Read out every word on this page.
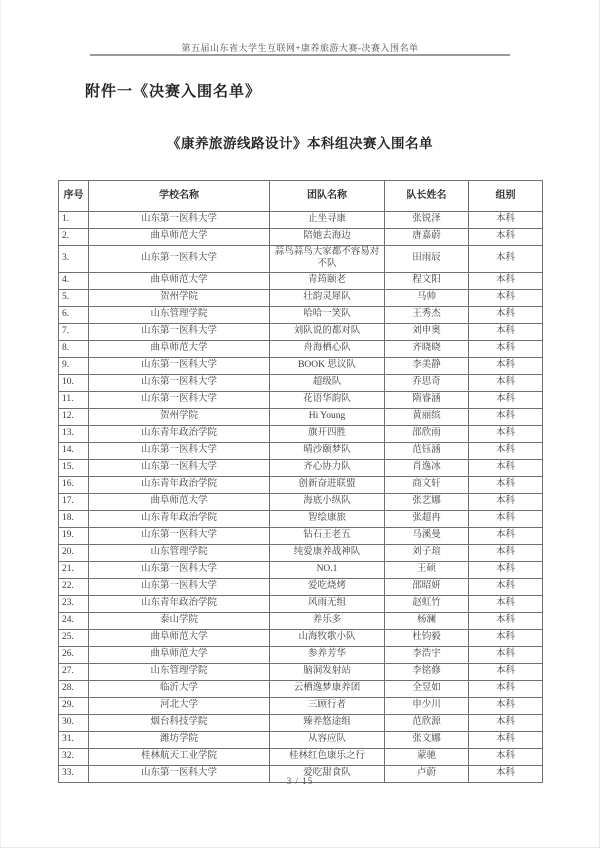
第五届山东省大学生互联网+康养旅游大赛-决赛入围名单
附件一《决赛入围名单》
《康养旅游线路设计》本科组决赛入围名单
序号	学校名称	团队名称	队长姓名	组别
1.	山东第一医科大学	止坐寻康	张锐泽	本科
2.	曲阜师范大学	陪她去海边	唐嘉蔚	本科
3.	山东第一医科大学	蒜鸟蒜鸟大家都不容易对不队	田雨辰	本科
4.	曲阜师范大学	青筠颐老	程文阳	本科
5.	贺州学院	壮韵灵犀队	马帅	本科
6.	山东管理学院	哈哈一笑队	王秀杰	本科
7.	山东第一医科大学	刘队说的都对队	刘申奥	本科
8.	曲阜师范大学	舟海栖心队	齐晓晓	本科
9.	山东第一医科大学	BOOK 思议队	李美静	本科
10.	山东第一医科大学	超级队	乔思奇	本科
11.	山东第一医科大学	花语华韵队	隋睿涵	本科
12.	贺州学院	Hi Young	黄丽缤	本科
13.	山东青年政治学院	旗开四胜	邵欣雨	本科
14.	山东第一医科大学	晴沙颐梦队	范钰涵	本科
15.	山东第一医科大学	齐心协力队	肖逸冰	本科
16.	山东青年政治学院	创新奋进联盟	商文轩	本科
17.	曲阜师范大学	海底小纵队	张艺娜	本科
18.	山东青年政治学院	智绘康旅	张超冉	本科
19.	山东第一医科大学	钻石王老五	马溪曼	本科
20.	山东管理学院	纯爱康养战神队	刘子瑄	本科
21.	山东第一医科大学	NO.1	王硕	本科
22.	山东第一医科大学	爱吃烧烤	邵昭妍	本科
23.	山东青年政治学院	风雨无组	赵虹竹	本科
24.	泰山学院	养乐多	杨澜	本科
25.	曲阜师范大学	山海牧歌小队	杜钧毅	本科
26.	曲阜师范大学	参养芳华	李浩宇	本科
27.	山东管理学院	脑洞发射站	李铭修	本科
28.	临沂大学	云栖逸梦康养团	全昱如	本科
29.	河北大学	三顾行者	申少川	本科
30.	烟台科技学院	臻养悠途组	范欣源	本科
31.	潍坊学院	从容应队	张文娜	本科
32.	桂林航天工业学院	桂林红色康乐之行	蒙驰	本科
33.	山东第一医科大学	爱吃甜食队	卢蔚	本科
3 / 15
